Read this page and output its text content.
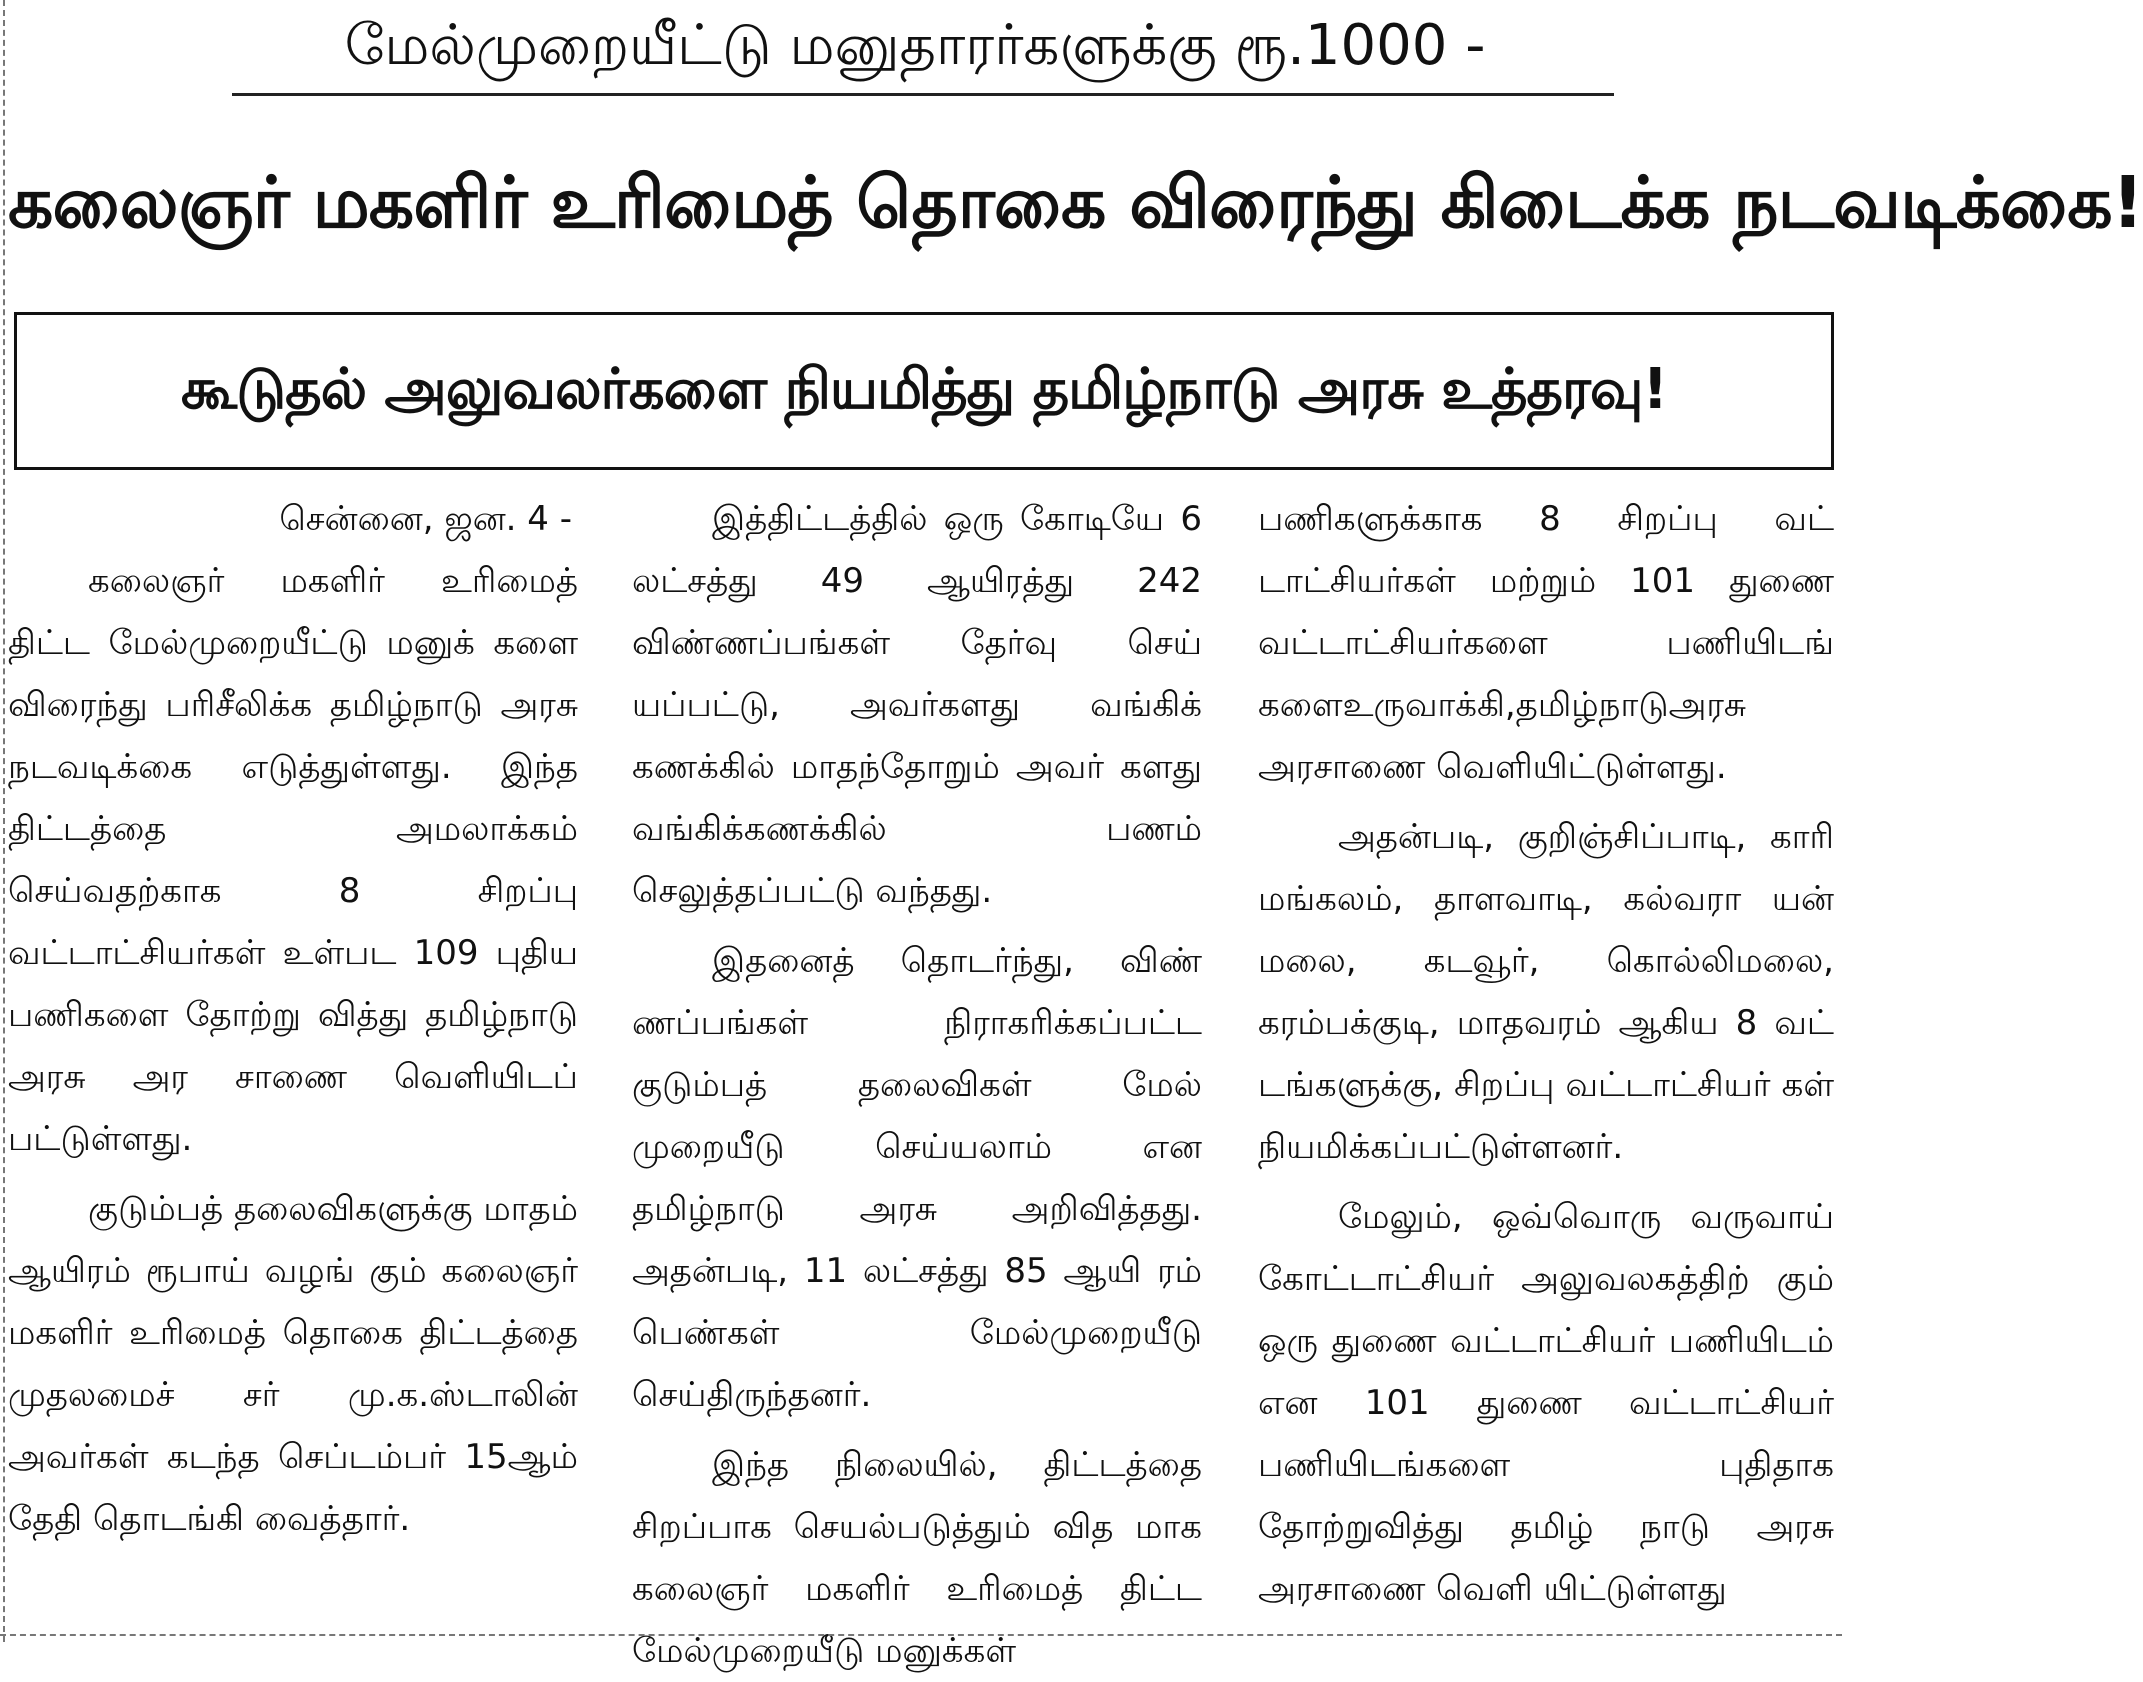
மேல்முறையீட்டு மனுதாரர்களுக்கு ரூ.1000 -
கலைஞர் மகளிர் உரிமைத் தொகை விரைந்து கிடைக்க நடவடிக்கை!
கூடுதல் அலுவலர்களை நியமித்து தமிழ்நாடு அரசு உத்தரவு!
சென்னை, ஜன. 4 -

கலைஞர் மகளிர் உரிமைத் திட்ட மேல்முறையீட்டு மனுக் களை விரைந்து பரிசீலிக்க தமிழ்நாடு அரசு நடவடிக்கை எடுத்துள்ளது. இந்த திட்டத்தை அமலாக்கம் செய்வதற்காக 8 சிறப்பு வட்டாட்சியர்கள் உள்பட 109 புதிய பணிகளை தோற்று வித்து தமிழ்நாடு அரசு அர சாணை வெளியிடப் பட்டுள்ளது.

குடும்பத் தலைவிகளுக்கு மாதம் ஆயிரம் ரூபாய் வழங் கும் கலைஞர் மகளிர் உரிமைத் தொகை திட்டத்தை முதலமைச் சர் மு.க.ஸ்டாலின் அவர்கள் கடந்த செப்டம்பர் 15ஆம் தேதி தொடங்கி வைத்தார்.

இத்திட்டத்தில் ஒரு கோடியே 6 லட்சத்து 49 ஆயிரத்து 242 விண்ணப்பங்கள் தேர்வு செய் யப்பட்டு, அவர்களது வங்கிக் கணக்கில் மாதந்தோறும் அவர் களது வங்கிக்கணக்கில் பணம் செலுத்தப்பட்டு வந்தது.

இதனைத் தொடர்ந்து, விண் ணப்பங்கள் நிராகரிக்கப்பட்ட குடும்பத் தலைவிகள் மேல் முறையீடு செய்யலாம் என தமிழ்நாடு அரசு அறிவித்தது. அதன்படி, 11 லட்சத்து 85 ஆயி ரம் பெண்கள் மேல்முறையீடு செய்திருந்தனர்.

இந்த நிலையில், திட்டத்தை சிறப்பாக செயல்படுத்தும் வித மாக கலைஞர் மகளிர் உரிமைத் திட்ட மேல்முறையீடு மனுக்கள்

பணிகளுக்காக 8 சிறப்பு வட் டாட்சியர்கள் மற்றும் 101 துணை வட்டாட்சியர்களை பணியிடங் களைஉருவாக்கி,தமிழ்நாடுஅரசு அரசாணை வெளியிட்டுள்ளது.

அதன்படி, குறிஞ்சிப்பாடி, காரி மங்கலம், தாளவாடி, கல்வரா யன் மலை, கடவூர், கொல்லிமலை, கரம்பக்குடி, மாதவரம் ஆகிய 8 வட் டங்களுக்கு, சிறப்பு வட்டாட்சியர் கள் நியமிக்கப்பட்டுள்ளனர்.

மேலும், ஒவ்வொரு வருவாய் கோட்டாட்சியர் அலுவலகத்திற் கும் ஒரு துணை வட்டாட்சியர் பணியிடம் என 101 துணை வட்டாட்சியர் பணியிடங்களை புதிதாக தோற்றுவித்து தமிழ் நாடு அரசு அரசாணை வெளி யிட்டுள்ளது
